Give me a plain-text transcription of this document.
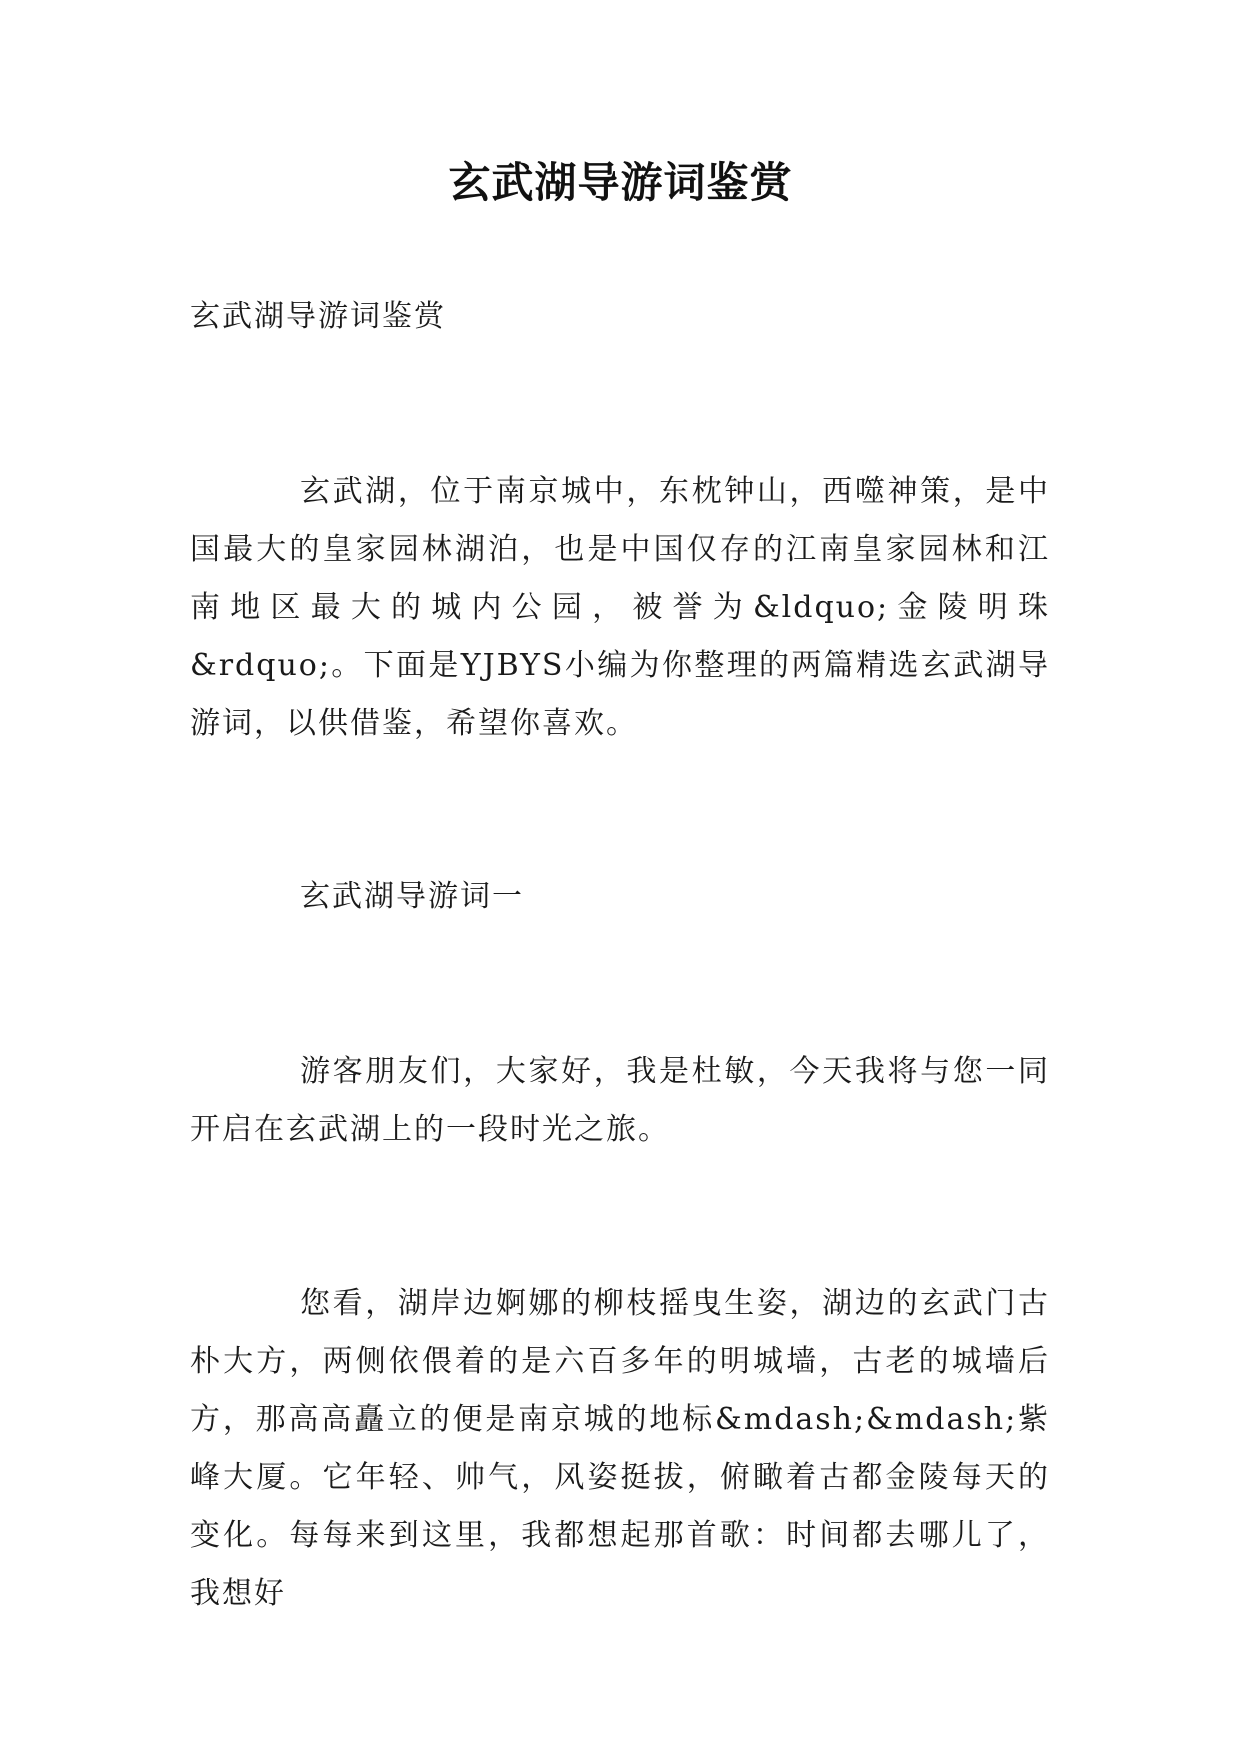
玄武湖导游词鉴赏

玄武湖导游词鉴赏

玄武湖，位于南京城中，东枕钟山，西噬神策，是中国最大的皇家园林湖泊，也是中国仅存的江南皇家园林和江南地区最大的城内公园，被誉为&ldquo;金陵明珠&rdquo;。下面是YJBYS小编为你整理的两篇精选玄武湖导游词，以供借鉴，希望你喜欢。

玄武湖导游词一

游客朋友们，大家好，我是杜敏，今天我将与您一同开启在玄武湖上的一段时光之旅。

您看，湖岸边婀娜的柳枝摇曳生姿，湖边的玄武门古朴大方，两侧依偎着的是六百多年的明城墙，古老的城墙后方，那高高矗立的便是南京城的地标&mdash;&mdash;紫峰大厦。它年轻、帅气，风姿挺拔，俯瞰着古都金陵每天的变化。每每来到这里，我都想起那首歌：时间都去哪儿了，我想好
